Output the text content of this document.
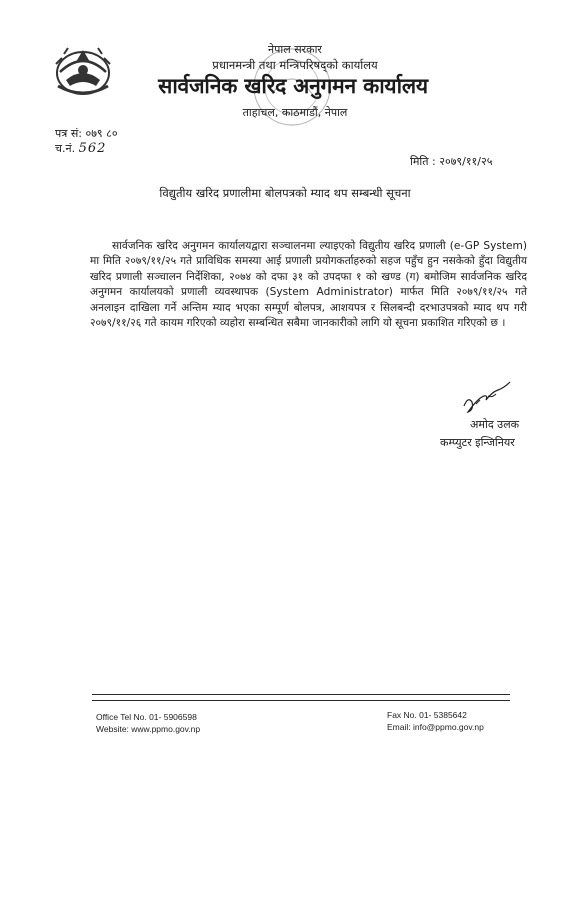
नेपाल सरकार
प्रधानमन्त्री तथा मन्त्रिपरिषद्को कार्यालय
सार्वजनिक खरिद अनुगमन कार्यालय
ताहाचल, काठमाडौं, नेपाल
पत्र सं: ०७९ ८०
च.नं. 562
मिति : २०७९/११/२५
विद्युतीय खरिद प्रणालीमा बोलपत्रको म्याद थप सम्बन्धी सूचना

सार्वजनिक खरिद अनुगमन कार्यालयद्वारा सञ्चालनमा ल्याइएको विद्युतीय खरिद प्रणाली (e-GP System) मा मिति २०७९/११/२५ गते प्राविधिक समस्या आई प्रणाली प्रयोगकर्ताहरुको सहज पहुँच हुन नसकेको हुँदा विद्युतीय खरिद प्रणाली सञ्चालन निर्देशिका, २०७४ को दफा ३१ को उपदफा १ को खण्ड (ग) बमोजिम सार्वजनिक खरिद अनुगमन कार्यालयको प्रणाली व्यवस्थापक (System Administrator) मार्फत मिति २०७९/११/२५ गते अनलाइन दाखिला गर्ने अन्तिम म्याद भएका सम्पूर्ण बोलपत्र, आशयपत्र र सिलबन्दी दरभाउपत्रको म्याद थप गरी २०७९/११/२६ गते कायम गरिएको व्यहोरा सम्बन्धित सबैमा जानकारीको लागि यो सूचना प्रकाशित गरिएको छ ।

अमोद उलक
कम्प्युटर इन्जिनियर
Office Tel No. 01- 5906598
Website: www.ppmo.gov.np
Fax No. 01- 5385642
Email: info@ppmo.gov.np
